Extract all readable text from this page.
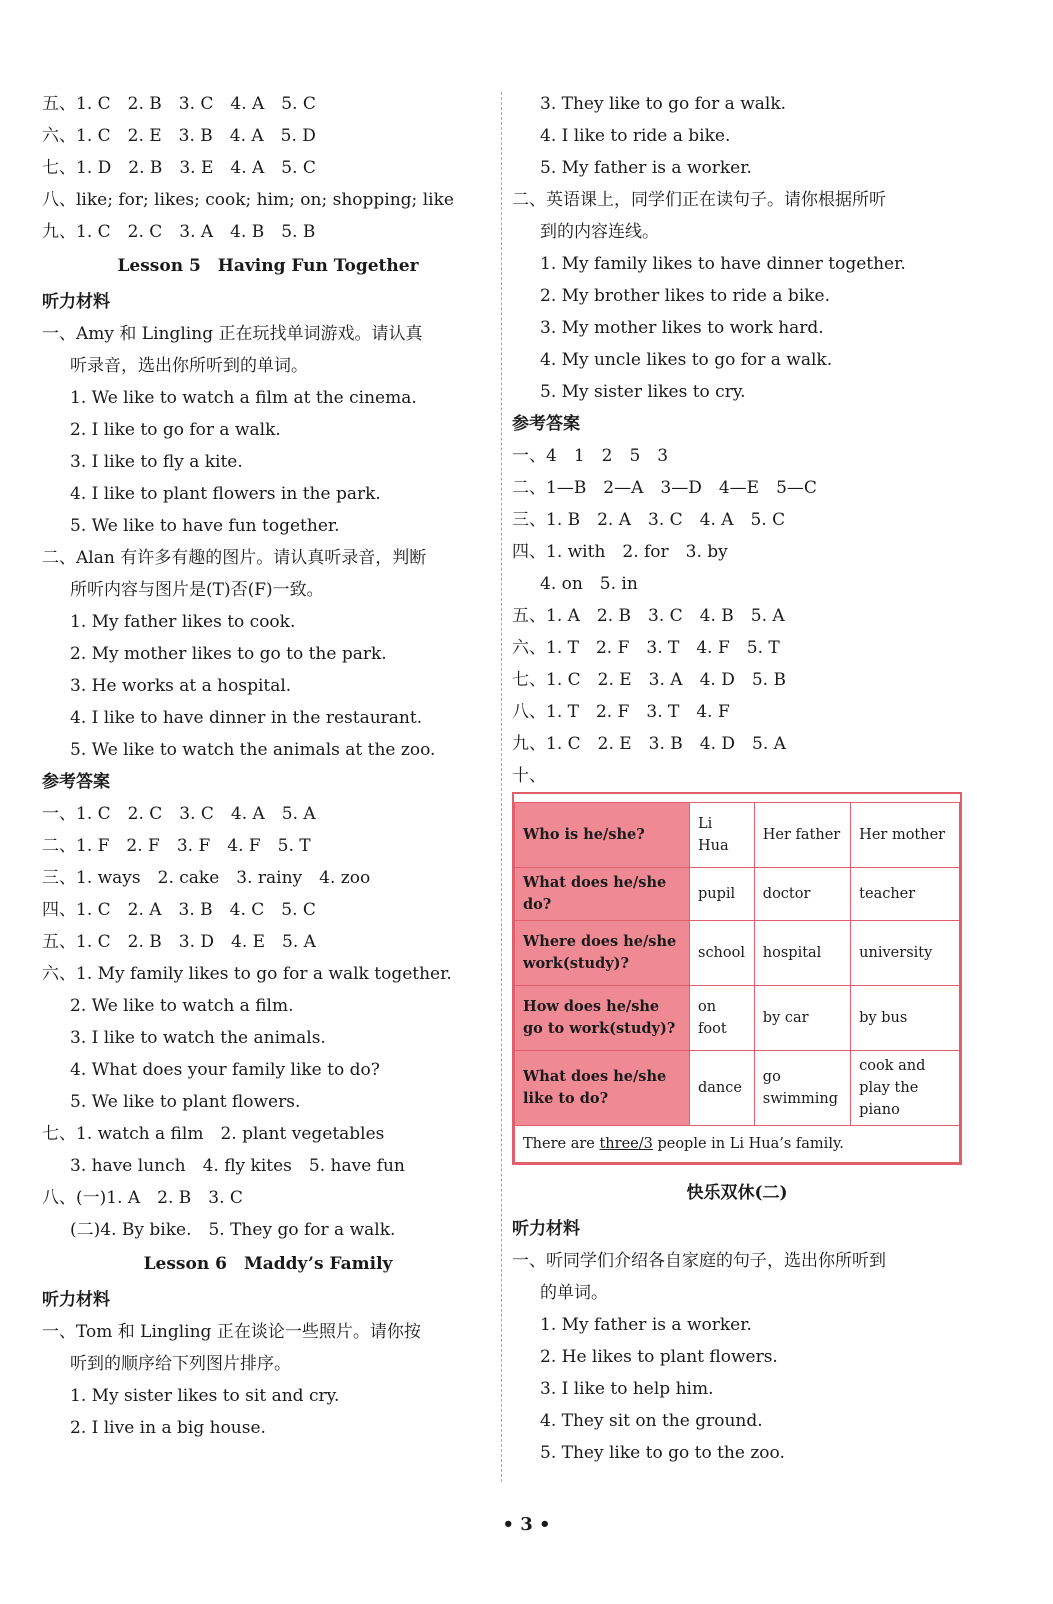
五、1. C　2. B　3. C　4. A　5. C
六、1. C　2. E　3. B　4. A　5. D
七、1. D　2. B　3. E　4. A　5. C
八、like; for; likes; cook; him; on; shopping; like
九、1. C　2. C　3. A　4. B　5. B
Lesson 5　Having Fun Together
听力材料
一、Amy 和 Lingling 正在玩找单词游戏。请认真
听录音，选出你所听到的单词。
1. We like to watch a film at the cinema.
2. I like to go for a walk.
3. I like to fly a kite.
4. I like to plant flowers in the park.
5. We like to have fun together.
二、Alan 有许多有趣的图片。请认真听录音，判断
所听内容与图片是(T)否(F)一致。
1. My father likes to cook.
2. My mother likes to go to the park.
3. He works at a hospital.
4. I like to have dinner in the restaurant.
5. We like to watch the animals at the zoo.
参考答案
一、1. C　2. C　3. C　4. A　5. A
二、1. F　2. F　3. F　4. F　5. T
三、1. ways　2. cake　3. rainy　4. zoo
四、1. C　2. A　3. B　4. C　5. C
五、1. C　2. B　3. D　4. E　5. A
六、1. My family likes to go for a walk together.
2. We like to watch a film.
3. I like to watch the animals.
4. What does your family like to do?
5. We like to plant flowers.
七、1. watch a film　2. plant vegetables
3. have lunch　4. fly kites　5. have fun
八、(一)1. A　2. B　3. C
(二)4. By bike.　5. They go for a walk.
Lesson 6　Maddy’s Family
听力材料
一、Tom 和 Lingling 正在谈论一些照片。请你按
听到的顺序给下列图片排序。
1. My sister likes to sit and cry.
2. I live in a big house.
3. They like to go for a walk.
4. I like to ride a bike.
5. My father is a worker.
二、英语课上，同学们正在读句子。请你根据所听
到的内容连线。
1. My family likes to have dinner together.
2. My brother likes to ride a bike.
3. My mother likes to work hard.
4. My uncle likes to go for a walk.
5. My sister likes to cry.
参考答案
一、4　1　2　5　3
二、1—B　2—A　3—D　4—E　5—C
三、1. B　2. A　3. C　4. A　5. C
四、1. with　2. for　3. by
4. on　5. in
五、1. A　2. B　3. C　4. B　5. A
六、1. T　2. F　3. T　4. F　5. T
七、1. C　2. E　3. A　4. D　5. B
八、1. T　2. F　3. T　4. F
九、1. C　2. E　3. B　4. D　5. A
十、
Who is he/she?	Li Hua	Her father	Her mother
What does he/she do?	pupil	doctor	teacher
Where does he/she work(study)?	school	hospital	university
How does he/she go to work(study)?	on foot	by car	by bus
What does he/she like to do?	dance	go swimming	cook and play the piano
There are three/3 people in Li Hua’s family.			
快乐双休(二)
听力材料
一、听同学们介绍各自家庭的句子，选出你所听到
的单词。
1. My father is a worker.
2. He likes to plant flowers.
3. I like to help him.
4. They sit on the ground.
5. They like to go to the zoo.
• 3 •
